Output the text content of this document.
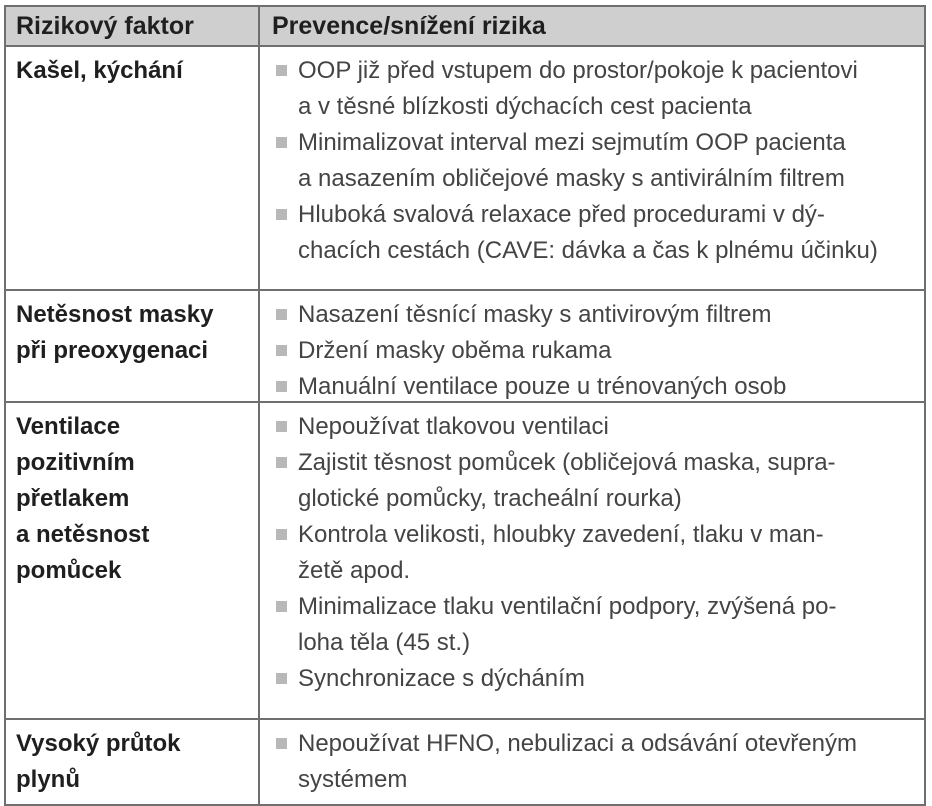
Rizikový faktor	Prevence/snížení rizika
Kašel, kýchání	OOP již před vstupem do prostor/pokoje k pacientovi
a v těsné blízkosti dýchacích cest pacienta
Minimalizovat interval mezi sejmutím OOP pacienta
a nasazením obličejové masky s antivirálním filtrem
Hluboká svalová relaxace před procedurami v dý-
chacích cestách (CAVE: dávka a čas k plnému účinku)
Netěsnost masky
při preoxygenaci
Nasazení těsnící masky s antivirovým filtrem
Držení masky oběma rukama
Manuální ventilace pouze u trénovaných osob
Ventilace
pozitivním
přetlakem
a netěsnost
pomůcek
Nepoužívat tlakovou ventilaci
Zajistit těsnost pomůcek (obličejová maska, supra-
glotické pomůcky, tracheální rourka)
Kontrola velikosti, hloubky zavedení, tlaku v man-
žetě apod.
Minimalizace tlaku ventilační podpory, zvýšená po-
loha těla (45 st.)
Synchronizace s dýcháním
Vysoký průtok
plynů
Nepoužívat HFNO, nebulizaci a odsávání otevřeným
systémem
